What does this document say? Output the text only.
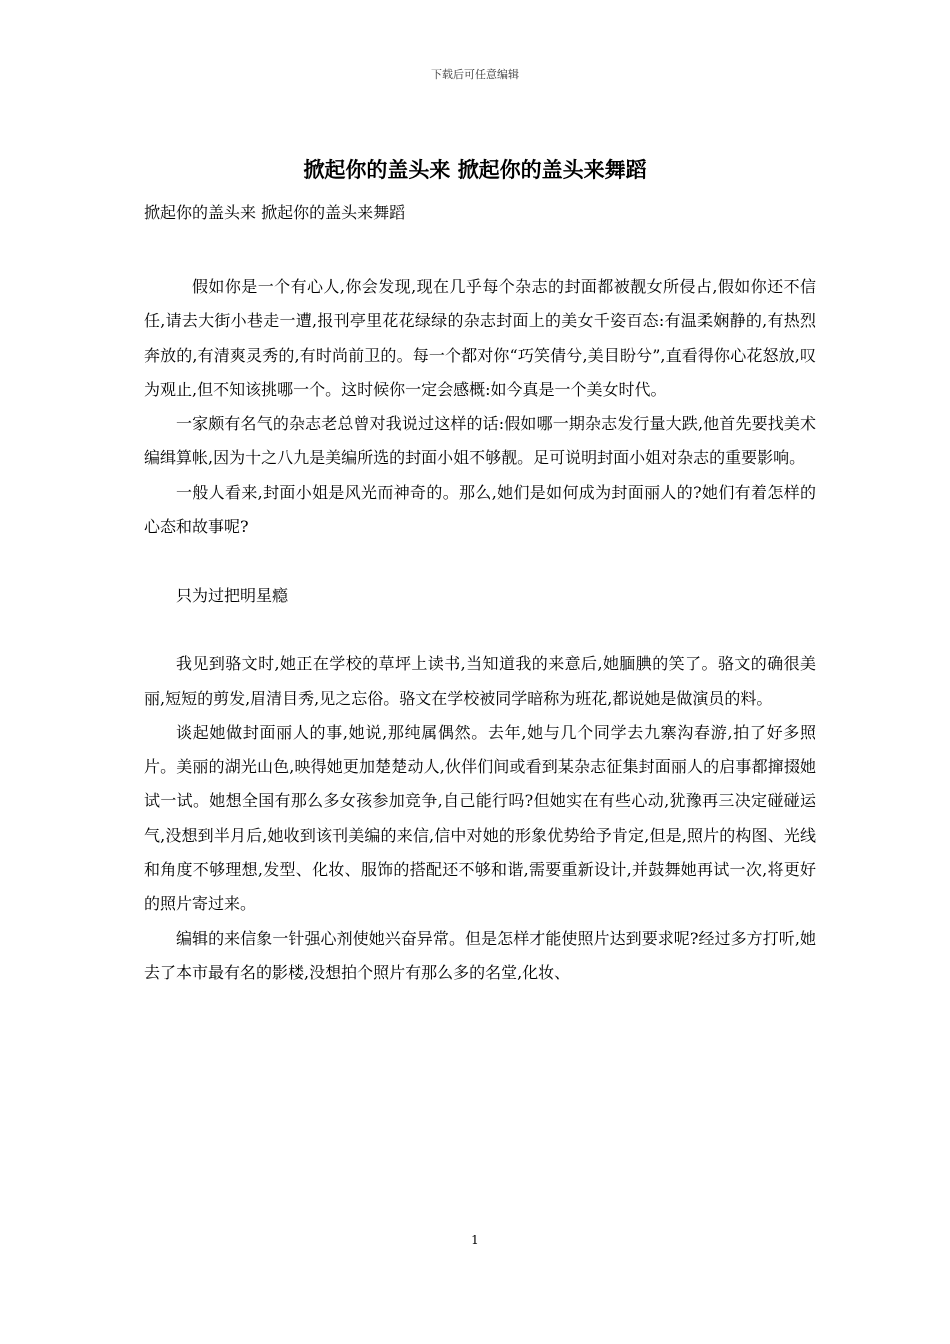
下载后可任意编辑
掀起你的盖头来 掀起你的盖头来舞蹈
掀起你的盖头来 掀起你的盖头来舞蹈

假如你是一个有心人,你会发现,现在几乎每个杂志的封面都被靓女所侵占,假如你还不信任,请去大街小巷走一遭,报刊亭里花花绿绿的杂志封面上的美女千姿百态:有温柔娴静的,有热烈奔放的,有清爽灵秀的,有时尚前卫的。每一个都对你“巧笑倩兮,美目盼兮”,直看得你心花怒放,叹为观止,但不知该挑哪一个。这时候你一定会感概:如今真是一个美女时代。

一家颇有名气的杂志老总曾对我说过这样的话:假如哪一期杂志发行量大跌,他首先要找美术编缉算帐,因为十之八九是美编所选的封面小姐不够靓。足可说明封面小姐对杂志的重要影响。

一般人看来,封面小姐是风光而神奇的。那么,她们是如何成为封面丽人的?她们有着怎样的心态和故事呢?

只为过把明星瘾

我见到骆文时,她正在学校的草坪上读书,当知道我的来意后,她腼腆的笑了。骆文的确很美丽,短短的剪发,眉清目秀,见之忘俗。骆文在学校被同学暗称为班花,都说她是做演员的料。

谈起她做封面丽人的事,她说,那纯属偶然。去年,她与几个同学去九寨沟春游,拍了好多照片。美丽的湖光山色,映得她更加楚楚动人,伙伴们间或看到某杂志征集封面丽人的启事都撺掇她试一试。她想全国有那么多女孩参加竞争,自己能行吗?但她实在有些心动,犹豫再三决定碰碰运气,没想到半月后,她收到该刊美编的来信,信中对她的形象优势给予肯定,但是,照片的构图、光线和角度不够理想,发型、化妆、服饰的搭配还不够和谐,需要重新设计,并鼓舞她再试一次,将更好的照片寄过来。

编辑的来信象一针强心剂使她兴奋异常。但是怎样才能使照片达到要求呢?经过多方打听,她去了本市最有名的影楼,没想拍个照片有那么多的名堂,化妆、

1
